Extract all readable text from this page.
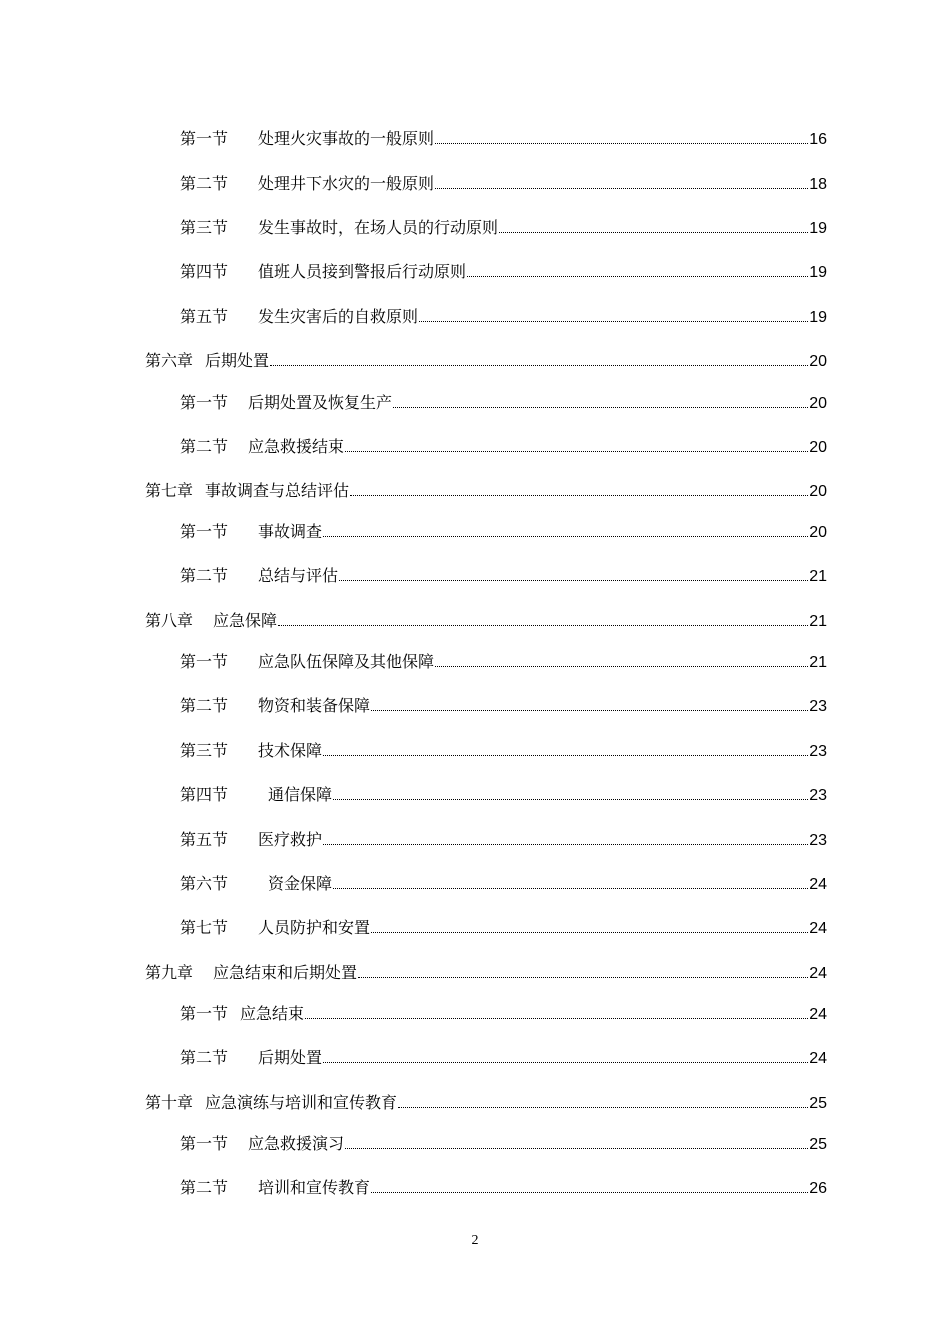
第一节 处理火灾事故的一般原则	16
第二节 处理井下水灾的一般原则	18
第三节 发生事故时，在场人员的行动原则	19
第四节 值班人员接到警报后行动原则	19
第五节 发生灾害后的自救原则	19
第六章 后期处置	20
第一节 后期处置及恢复生产	20
第二节 应急救援结束	20
第七章 事故调查与总结评估	20
第一节 事故调查	20
第二节 总结与评估	21
第八章 应急保障	21
第一节 应急队伍保障及其他保障	21
第二节 物资和装备保障	23
第三节 技术保障	23
第四节	通信保障	23
第五节 医疗救护	23
第六节	资金保障	24
第七节 人员防护和安置	24
第九章 应急结束和后期处置	24
第一节 应急结束	24
第二节 后期处置	24
第十章 应急演练与培训和宣传教育	25
第一节 应急救援演习	25
第二节 培训和宣传教育	26
2
